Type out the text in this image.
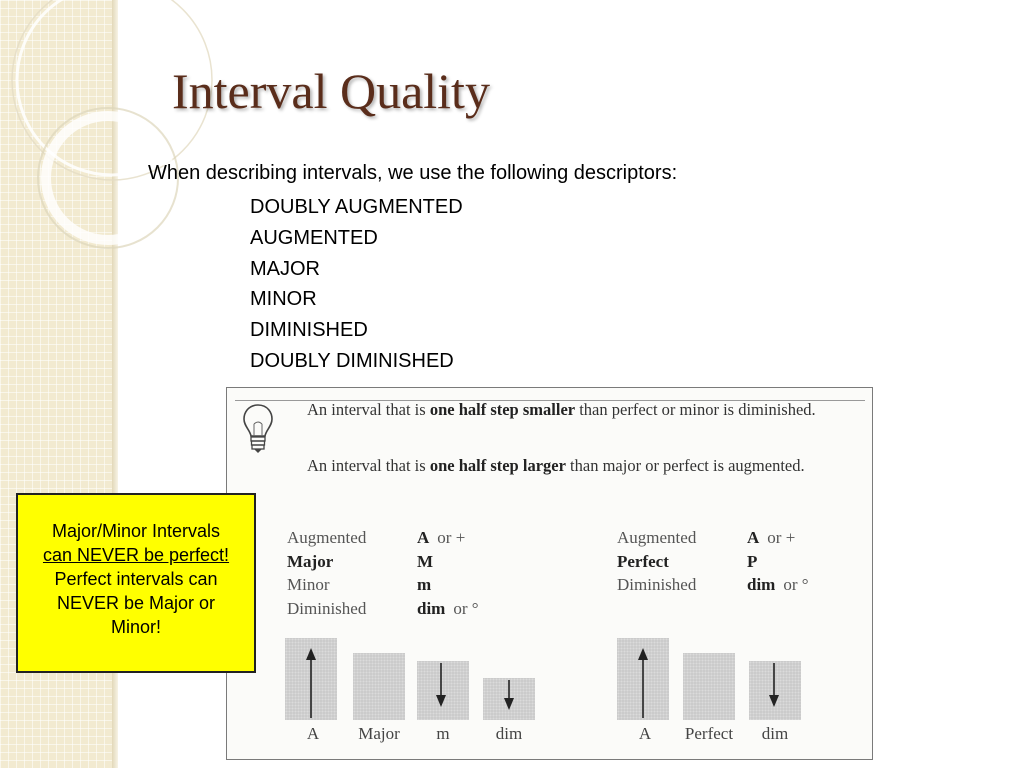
Interval Quality
When describing intervals, we use the following descriptors:
DOUBLY AUGMENTED
AUGMENTED
MAJOR
MINOR
DIMINISHED
DOUBLY DIMINISHED
An interval that is one half step smaller than perfect or minor is diminished.
An interval that is one half step larger than major or perfect is augmented.
Augmented	A or +
Major	M
Minor	m
Diminished	dim or °
Augmented	A or +
Perfect	P
Diminished	dim or °
A Major m	dim	A Perfect dim
Major/Minor Intervals
can NEVER be perfect!
Perfect intervals can
NEVER be Major or
Minor!
